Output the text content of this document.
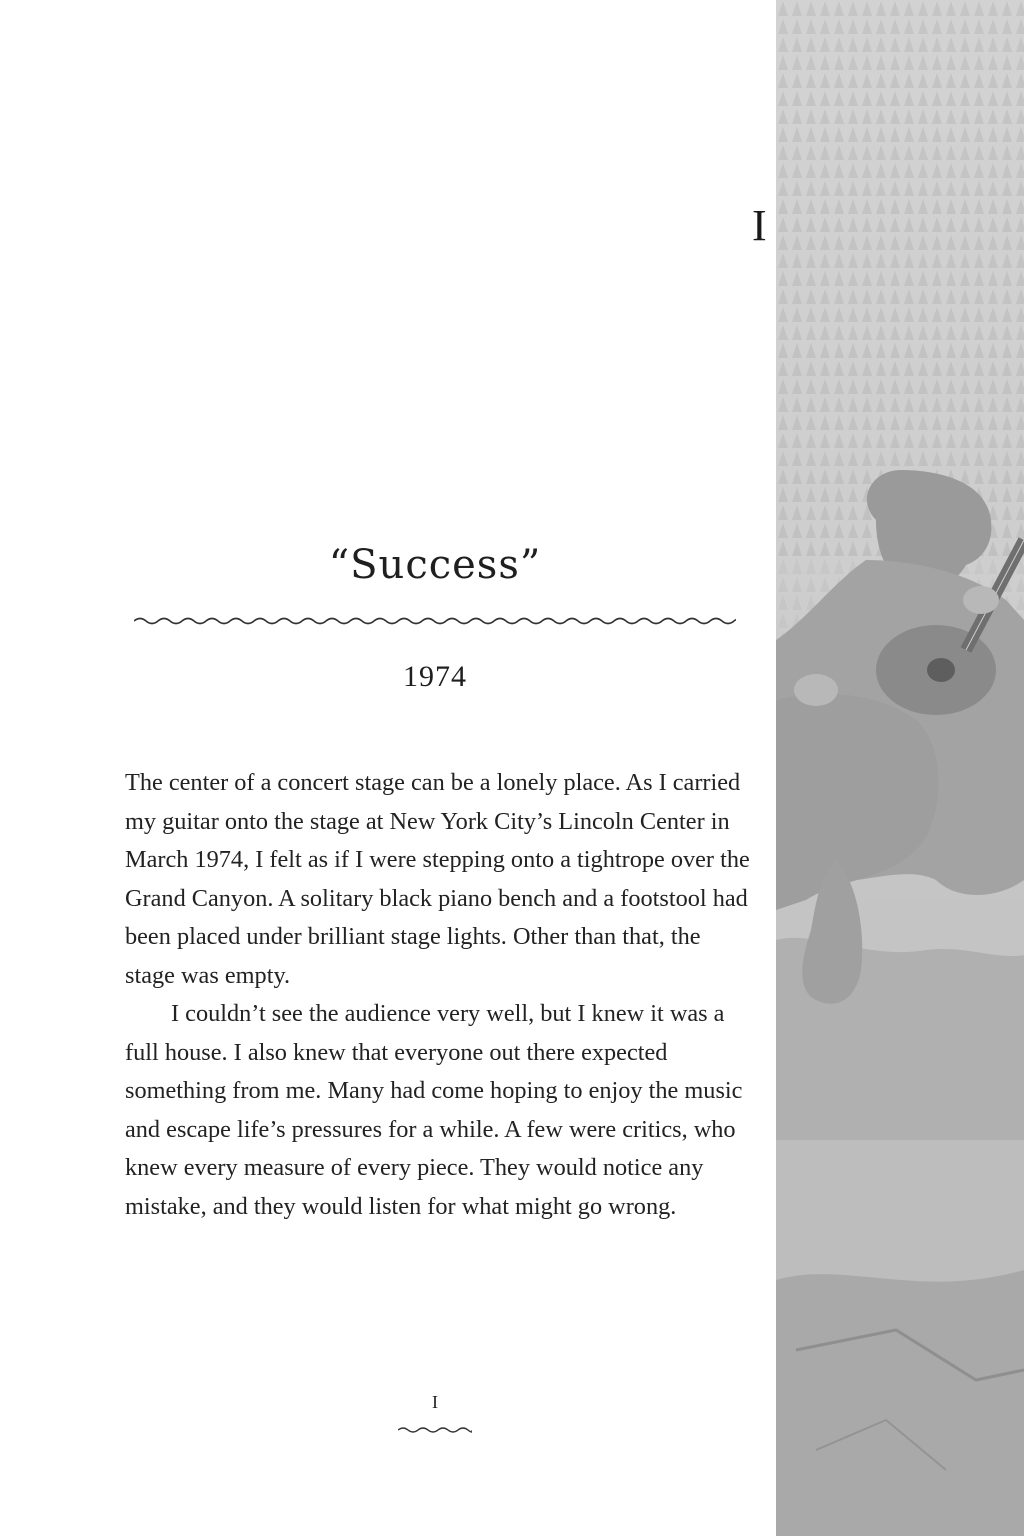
I
“Success”
1974

The center of a concert stage can be a lonely place. As I carried my guitar onto the stage at New York City’s Lincoln Center in March 1974, I felt as if I were stepping onto a tightrope over the Grand Canyon. A solitary black piano bench and a footstool had been placed under brilliant stage lights. Other than that, the stage was empty.

I couldn’t see the audience very well, but I knew it was a full house. I also knew that everyone out there expected something from me. Many had come hoping to enjoy the music and escape life’s pressures for a while. A few were critics, who knew every measure of every piece. They would notice any mistake, and they would listen for what might go wrong.

I
